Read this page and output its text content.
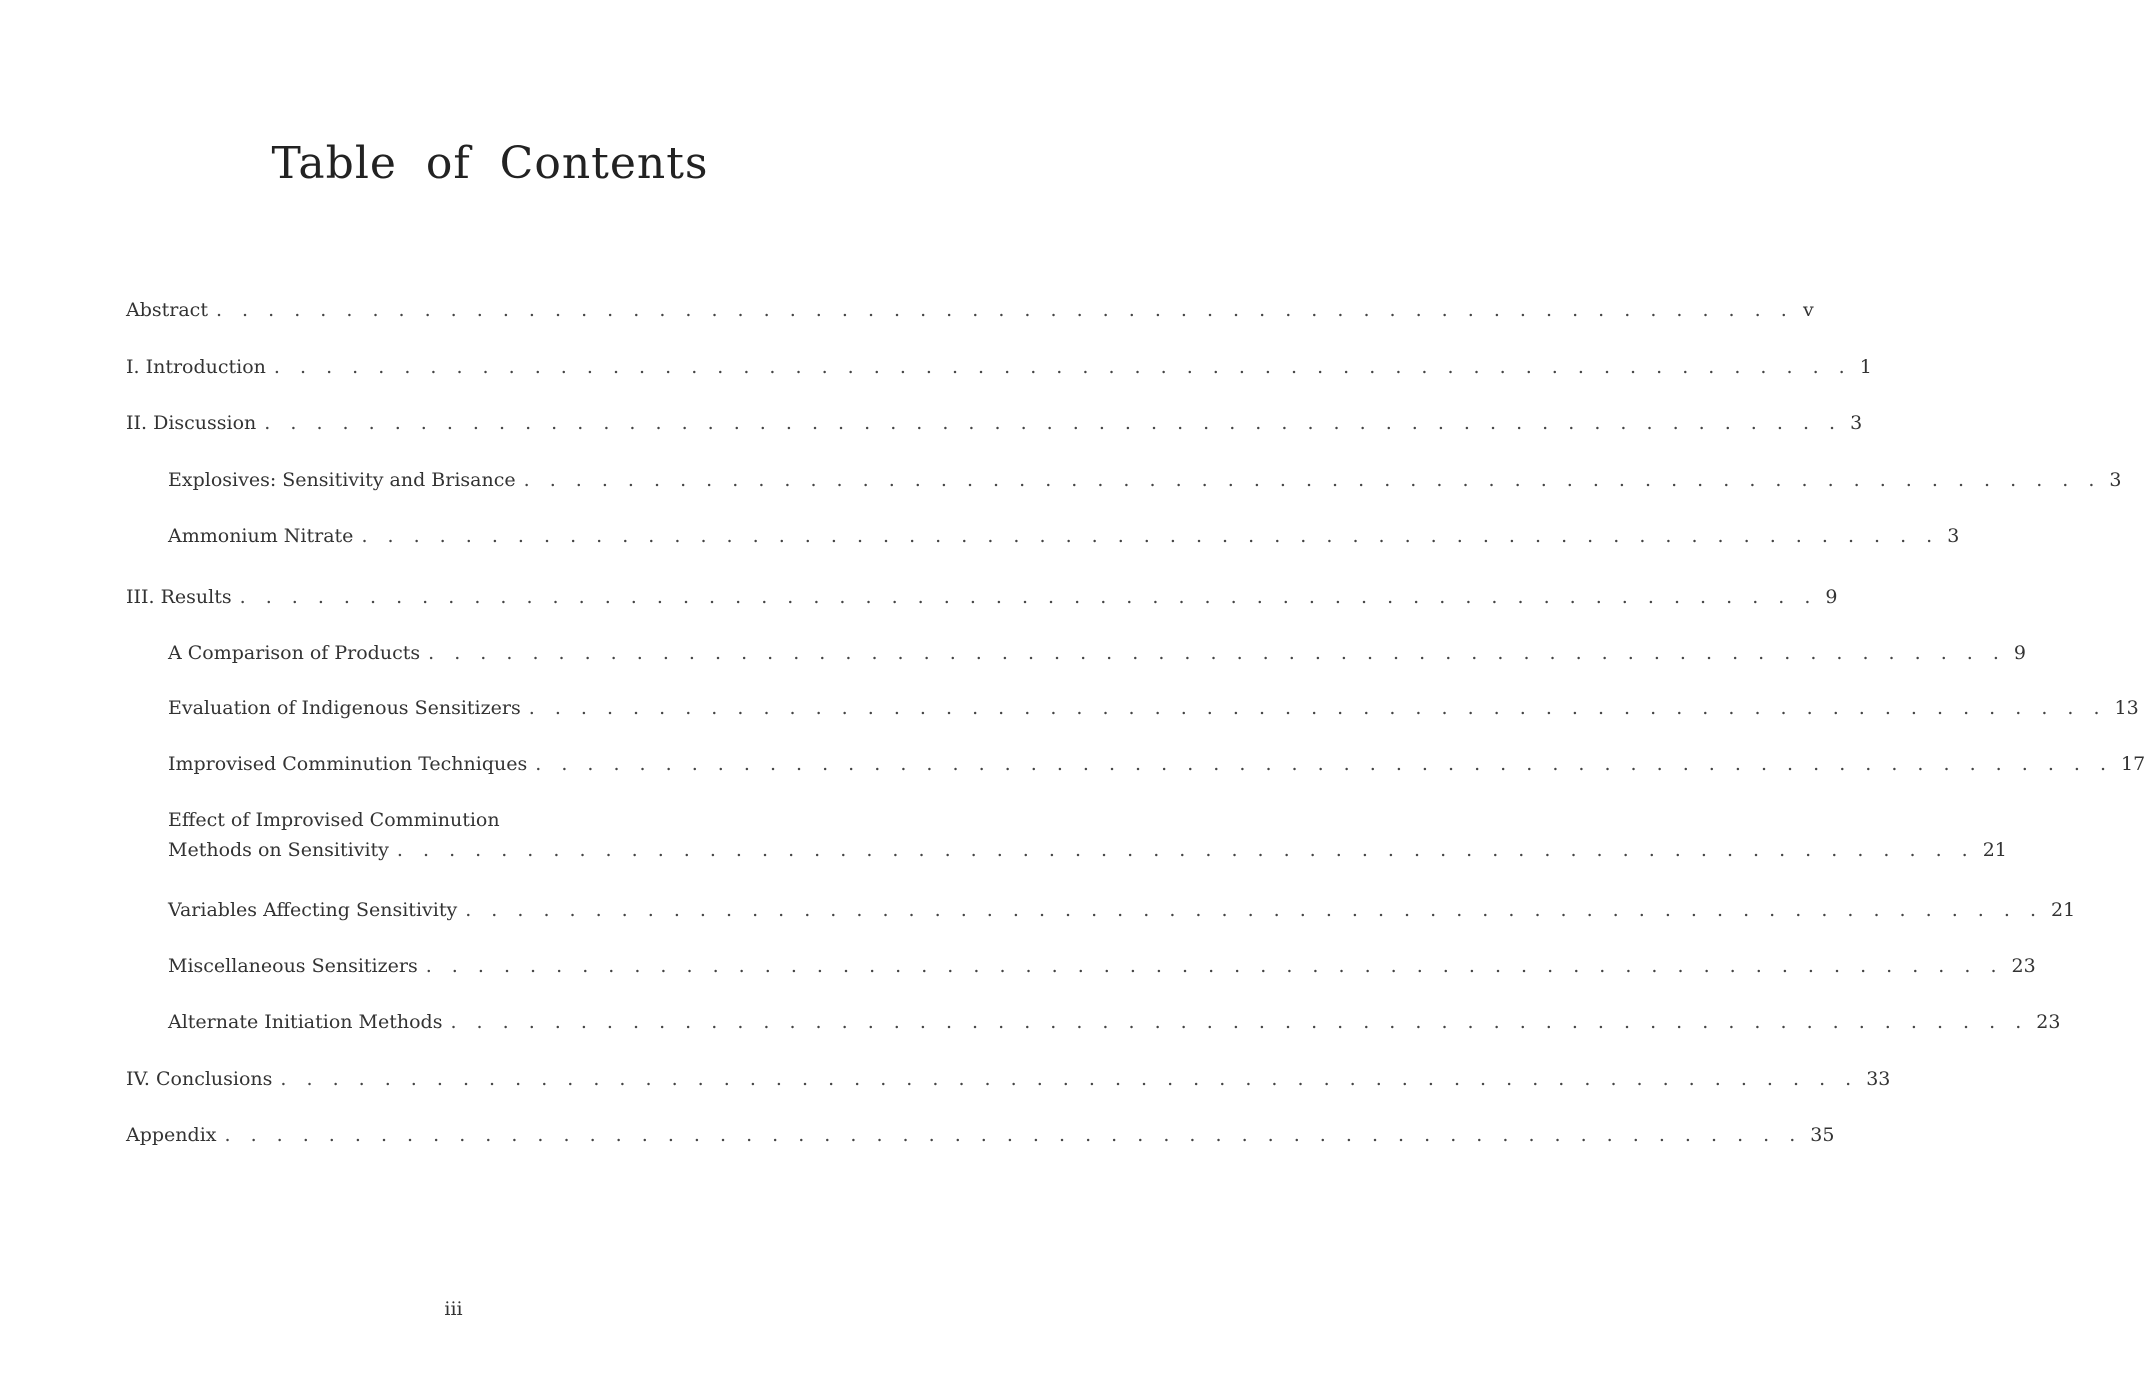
Table of Contents
Abstract . . . . . . . . . . . . . . . . . . . . . . . . . . . . . . . . . . . . . . . . . . . . . . . . . . . . . . . . . . . . . v
I. Introduction . . . . . . . . . . . . . . . . . . . . . . . . . . . . . . . . . . . . . . . . . . . . . . . . . . . . . . . . . . . . . 1
II. Discussion . . . . . . . . . . . . . . . . . . . . . . . . . . . . . . . . . . . . . . . . . . . . . . . . . . . . . . . . . . . . . 3
Explosives: Sensitivity and Brisance . . . . . . . . . . . . . . . . . . . . . . . . . . . . . . . . . . . . . . . . . . . . . . . . . . . . . . . . . . . . . 3
Ammonium Nitrate . . . . . . . . . . . . . . . . . . . . . . . . . . . . . . . . . . . . . . . . . . . . . . . . . . . . . . . . . . . . . 3
III. Results . . . . . . . . . . . . . . . . . . . . . . . . . . . . . . . . . . . . . . . . . . . . . . . . . . . . . . . . . . . . . 9
A Comparison of Products . . . . . . . . . . . . . . . . . . . . . . . . . . . . . . . . . . . . . . . . . . . . . . . . . . . . . . . . . . . . . 9
Evaluation of Indigenous Sensitizers . . . . . . . . . . . . . . . . . . . . . . . . . . . . . . . . . . . . . . . . . . . . . . . . . . . . . . . . . . . . . 13
Improvised Comminution Techniques . . . . . . . . . . . . . . . . . . . . . . . . . . . . . . . . . . . . . . . . . . . . . . . . . . . . . . . . . . . . . 17
Effect of Improvised Comminution
Methods on Sensitivity . . . . . . . . . . . . . . . . . . . . . . . . . . . . . . . . . . . . . . . . . . . . . . . . . . . . . . . . . . . . . 21
Variables Affecting Sensitivity . . . . . . . . . . . . . . . . . . . . . . . . . . . . . . . . . . . . . . . . . . . . . . . . . . . . . . . . . . . . . 21
Miscellaneous Sensitizers . . . . . . . . . . . . . . . . . . . . . . . . . . . . . . . . . . . . . . . . . . . . . . . . . . . . . . . . . . . . . 23
Alternate Initiation Methods . . . . . . . . . . . . . . . . . . . . . . . . . . . . . . . . . . . . . . . . . . . . . . . . . . . . . . . . . . . . . 23
IV. Conclusions . . . . . . . . . . . . . . . . . . . . . . . . . . . . . . . . . . . . . . . . . . . . . . . . . . . . . . . . . . . . . 33
Appendix . . . . . . . . . . . . . . . . . . . . . . . . . . . . . . . . . . . . . . . . . . . . . . . . . . . . . . . . . . . . . 35
iii
